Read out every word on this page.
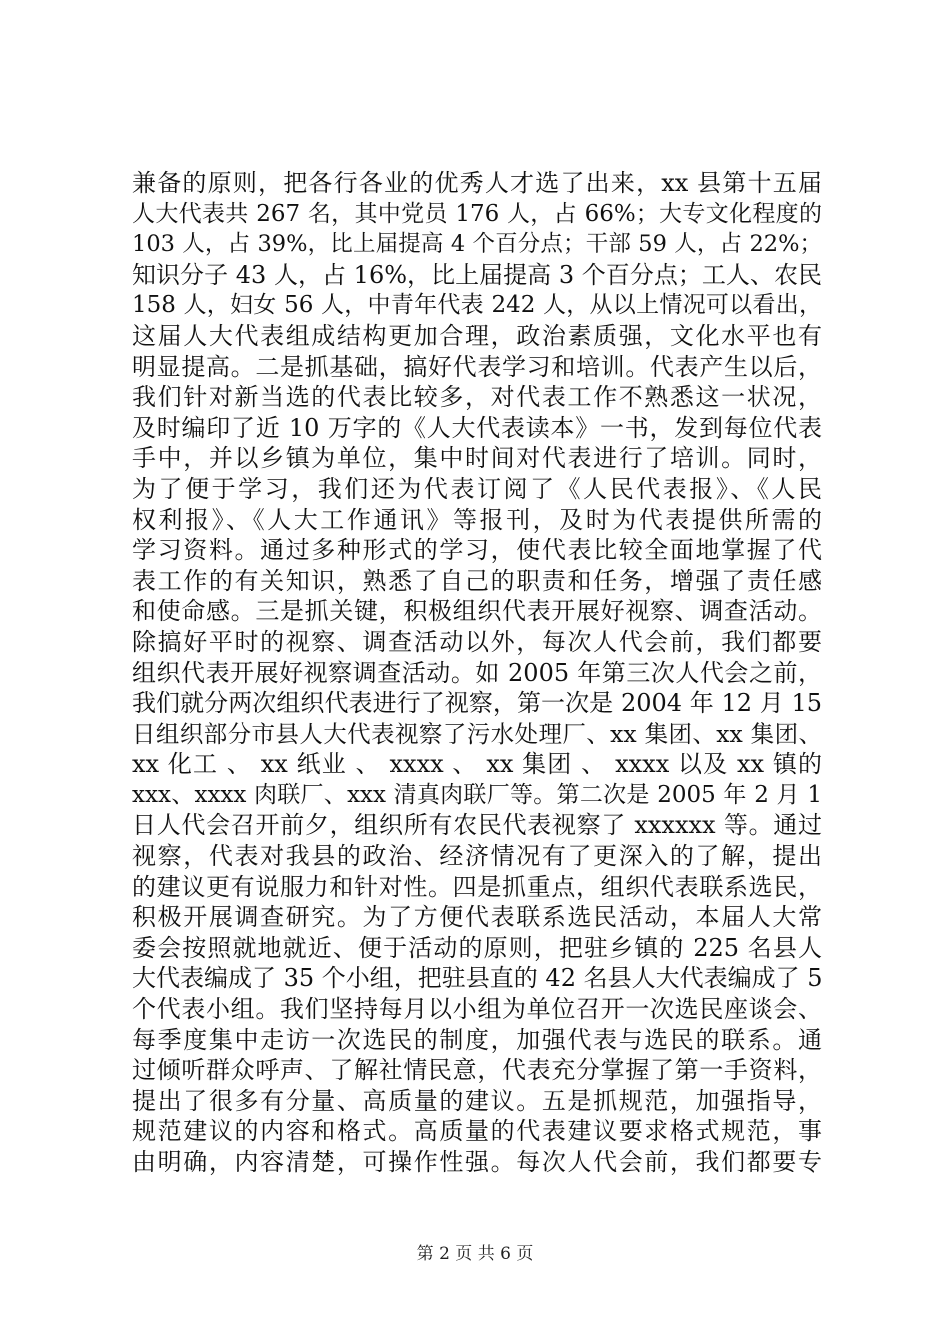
兼备的原则，把各行各业的优秀人才选了出来，xx 县第十五届
人大代表共 267 名，其中党员 176 人，占 66%；大专文化程度的
103 人，占 39%，比上届提高 4 个百分点；干部 59 人，占 22%；
知识分子 43 人，占 16%，比上届提高 3 个百分点；工人、农民
158 人，妇女 56 人，中青年代表 242 人，从以上情况可以看出，
这届人大代表组成结构更加合理，政治素质强，文化水平也有
明显提高。二是抓基础，搞好代表学习和培训。代表产生以后，
我们针对新当选的代表比较多，对代表工作不熟悉这一状况，
及时编印了近 10 万字的《人大代表读本》一书，发到每位代表
手中，并以乡镇为单位，集中时间对代表进行了培训。同时，
为了便于学习，我们还为代表订阅了《人民代表报》、《人民
权利报》、《人大工作通讯》等报刊，及时为代表提供所需的
学习资料。通过多种形式的学习，使代表比较全面地掌握了代
表工作的有关知识，熟悉了自己的职责和任务，增强了责任感
和使命感。三是抓关键，积极组织代表开展好视察、调查活动。
除搞好平时的视察、调查活动以外，每次人代会前，我们都要
组织代表开展好视察调查活动。如 2005 年第三次人代会之前，
我们就分两次组织代表进行了视察，第一次是 2004 年 12 月 15
日组织部分市县人大代表视察了污水处理厂、xx 集团、xx 集团、
xx 化工 、 xx 纸业 、 xxxx 、 xx 集团 、 xxxx 以及 xx 镇的
xxx、xxxx 肉联厂、xxx 清真肉联厂等。第二次是 2005 年 2 月 1
日人代会召开前夕，组织所有农民代表视察了 xxxxxx 等。通过
视察，代表对我县的政治、经济情况有了更深入的了解，提出
的建议更有说服力和针对性。四是抓重点，组织代表联系选民，
积极开展调查研究。为了方便代表联系选民活动，本届人大常
委会按照就地就近、便于活动的原则，把驻乡镇的 225 名县人
大代表编成了 35 个小组，把驻县直的 42 名县人大代表编成了 5
个代表小组。我们坚持每月以小组为单位召开一次选民座谈会、
每季度集中走访一次选民的制度，加强代表与选民的联系。通
过倾听群众呼声、了解社情民意，代表充分掌握了第一手资料，
提出了很多有分量、高质量的建议。五是抓规范，加强指导，
规范建议的内容和格式。高质量的代表建议要求格式规范，事
由明确，内容清楚，可操作性强。每次人代会前，我们都要专
第 2 页 共 6 页
